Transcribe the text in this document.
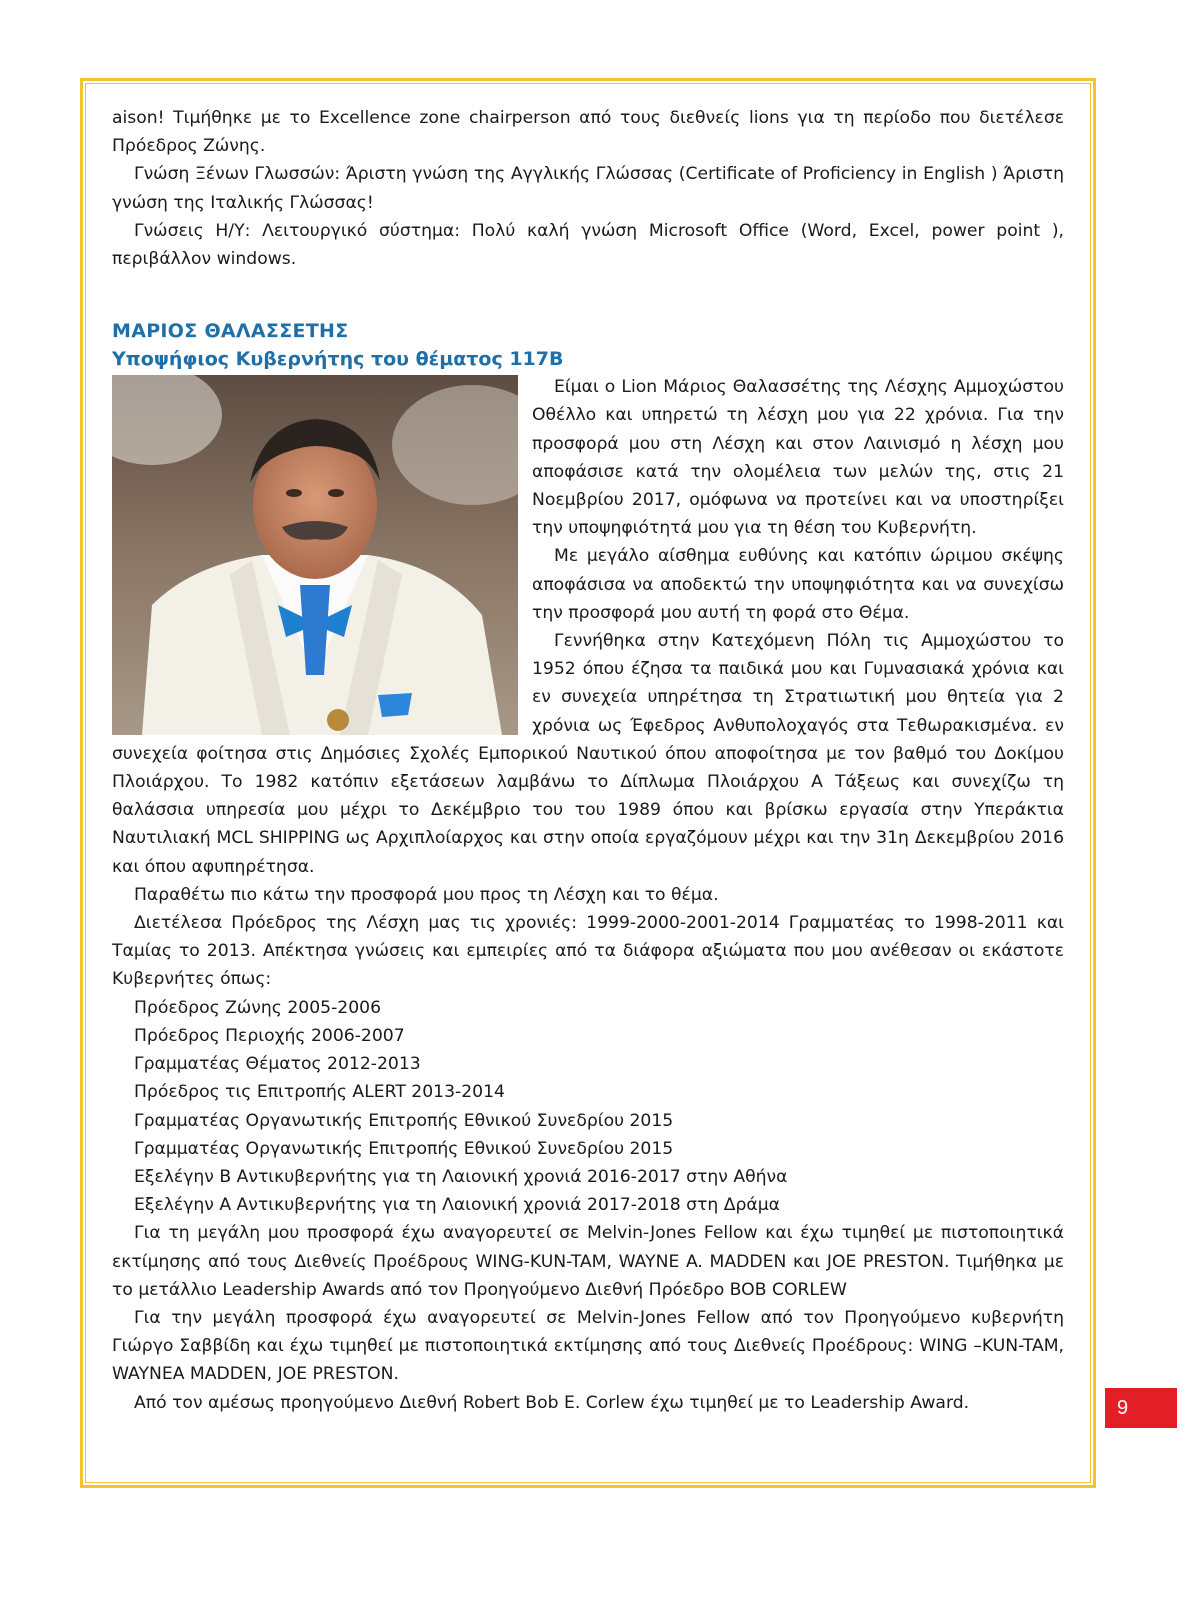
aison! Τιμήθηκε με το Excellence zone chairperson από τους διεθνείς lions για τη περίοδο που διετέλεσε Πρόεδρος Ζώνης.

Γνώση Ξένων Γλωσσών: Άριστη γνώση της Αγγλικής Γλώσσας (Certificate of Proficiency in English ) Άριστη γνώση της Ιταλικής Γλώσσας!

Γνώσεις Η/Υ: Λειτουργικό σύστημα: Πολύ καλή γνώση Microsoft Office (Word, Excel, power point ), περιβάλλον windows.

ΜΑΡΙΟΣ ΘΑΛΑΣΣΕΤΗΣ

Υποψήφιος Κυβερνήτης του θέματος 117Β

Είμαι ο Lion Μάριος Θαλασσέτης της Λέσχης Αμμοχώστου Οθέλλο και υπηρετώ τη λέσχη μου για 22 χρόνια. Για την προσφορά μου στη Λέσχη και στον Λαινισμό η λέσχη μου αποφάσισε κατά την ολομέλεια των μελών της, στις 21 Νοεμβρίου 2017, ομόφωνα να προτείνει και να υποστηρίξει την υποψηφιότητά μου για τη θέση του Κυβερνήτη.

Με μεγάλο αίσθημα ευθύνης και κατόπιν ώριμου σκέψης αποφάσισα να αποδεκτώ την υποψηφιότητα και να συνεχίσω την προσφορά μου αυτή τη φορά στο Θέμα.

Γεννήθηκα στην Κατεχόμενη Πόλη τις Αμμοχώστου το 1952 όπου έζησα τα παιδικά μου και Γυμνασιακά χρόνια και εν συνεχεία υπηρέτησα τη Στρατιωτική μου θητεία για 2 χρόνια ως Έφεδρος Ανθυπολοχαγός στα Τεθωρακισμένα. εν συνεχεία φοίτησα στις Δημόσιες Σχολές Εμπορικού Ναυτικού όπου αποφοίτησα με τον βαθμό του Δοκίμου Πλοιάρχου. Το 1982 κατόπιν εξετάσεων λαμβάνω το Δίπλωμα Πλοιάρχου Α Τάξεως και συνεχίζω τη θαλάσσια υπηρεσία μου μέχρι το Δεκέμβριο του του 1989 όπου και βρίσκω εργασία στην Υπεράκτια Ναυτιλιακή MCL SHIPPING ως Αρχιπλοίαρχος και στην οποία εργαζόμουν μέχρι και την 31η Δεκεμβρίου 2016 και όπου αφυπηρέτησα.

Παραθέτω πιο κάτω την προσφορά μου προς τη Λέσχη και το θέμα.

Διετέλεσα Πρόεδρος της Λέσχη μας τις χρονιές: 1999-2000-2001-2014 Γραμματέας το 1998-2011 και Ταμίας το 2013. Απέκτησα γνώσεις και εμπειρίες από τα διάφορα αξιώματα που μου ανέθεσαν οι εκάστοτε Κυβερνήτες όπως:

Πρόεδρος Ζώνης 2005-2006

Πρόεδρος Περιοχής 2006-2007

Γραμματέας Θέματος 2012-2013

Πρόεδρος τις Επιτροπής ALERT 2013-2014

Γραμματέας Οργανωτικής Επιτροπής Εθνικού Συνεδρίου 2015

Γραμματέας Οργανωτικής Επιτροπής Εθνικού Συνεδρίου 2015

Εξελέγην Β Αντικυβερνήτης για τη Λαιονική χρονιά 2016-2017 στην Αθήνα

Εξελέγην Α Αντικυβερνήτης για τη Λαιονική χρονιά 2017-2018 στη Δράμα

Για τη μεγάλη μου προσφορά έχω αναγορευτεί σε Melvin-Jones Fellow και έχω τιμηθεί με πιστοποιητικά εκτίμησης από τους Διεθνείς Προέδρους WING-KUN-TAM, WAYNE A. MADDEN και JOE PRESTON. Τιμήθηκα με το μετάλλιο Leadership Awards από τον Προηγούμενο Διεθνή Πρόεδρο BOB CORLEW

Για την μεγάλη προσφορά έχω αναγορευτεί σε Melvin-Jones Fellow από τον Προηγούμενο κυβερνήτη Γιώργο Σαββίδη και έχω τιμηθεί με πιστοποιητικά εκτίμησης από τους Διεθνείς Προέδρους: WING –KUN-TAM, WAYNEA MADDEN, JOE PRESTON.

Από τον αμέσως προηγούμενο Διεθνή Robert Bob E. Corlew έχω τιμηθεί με το Leadership Award.	9
